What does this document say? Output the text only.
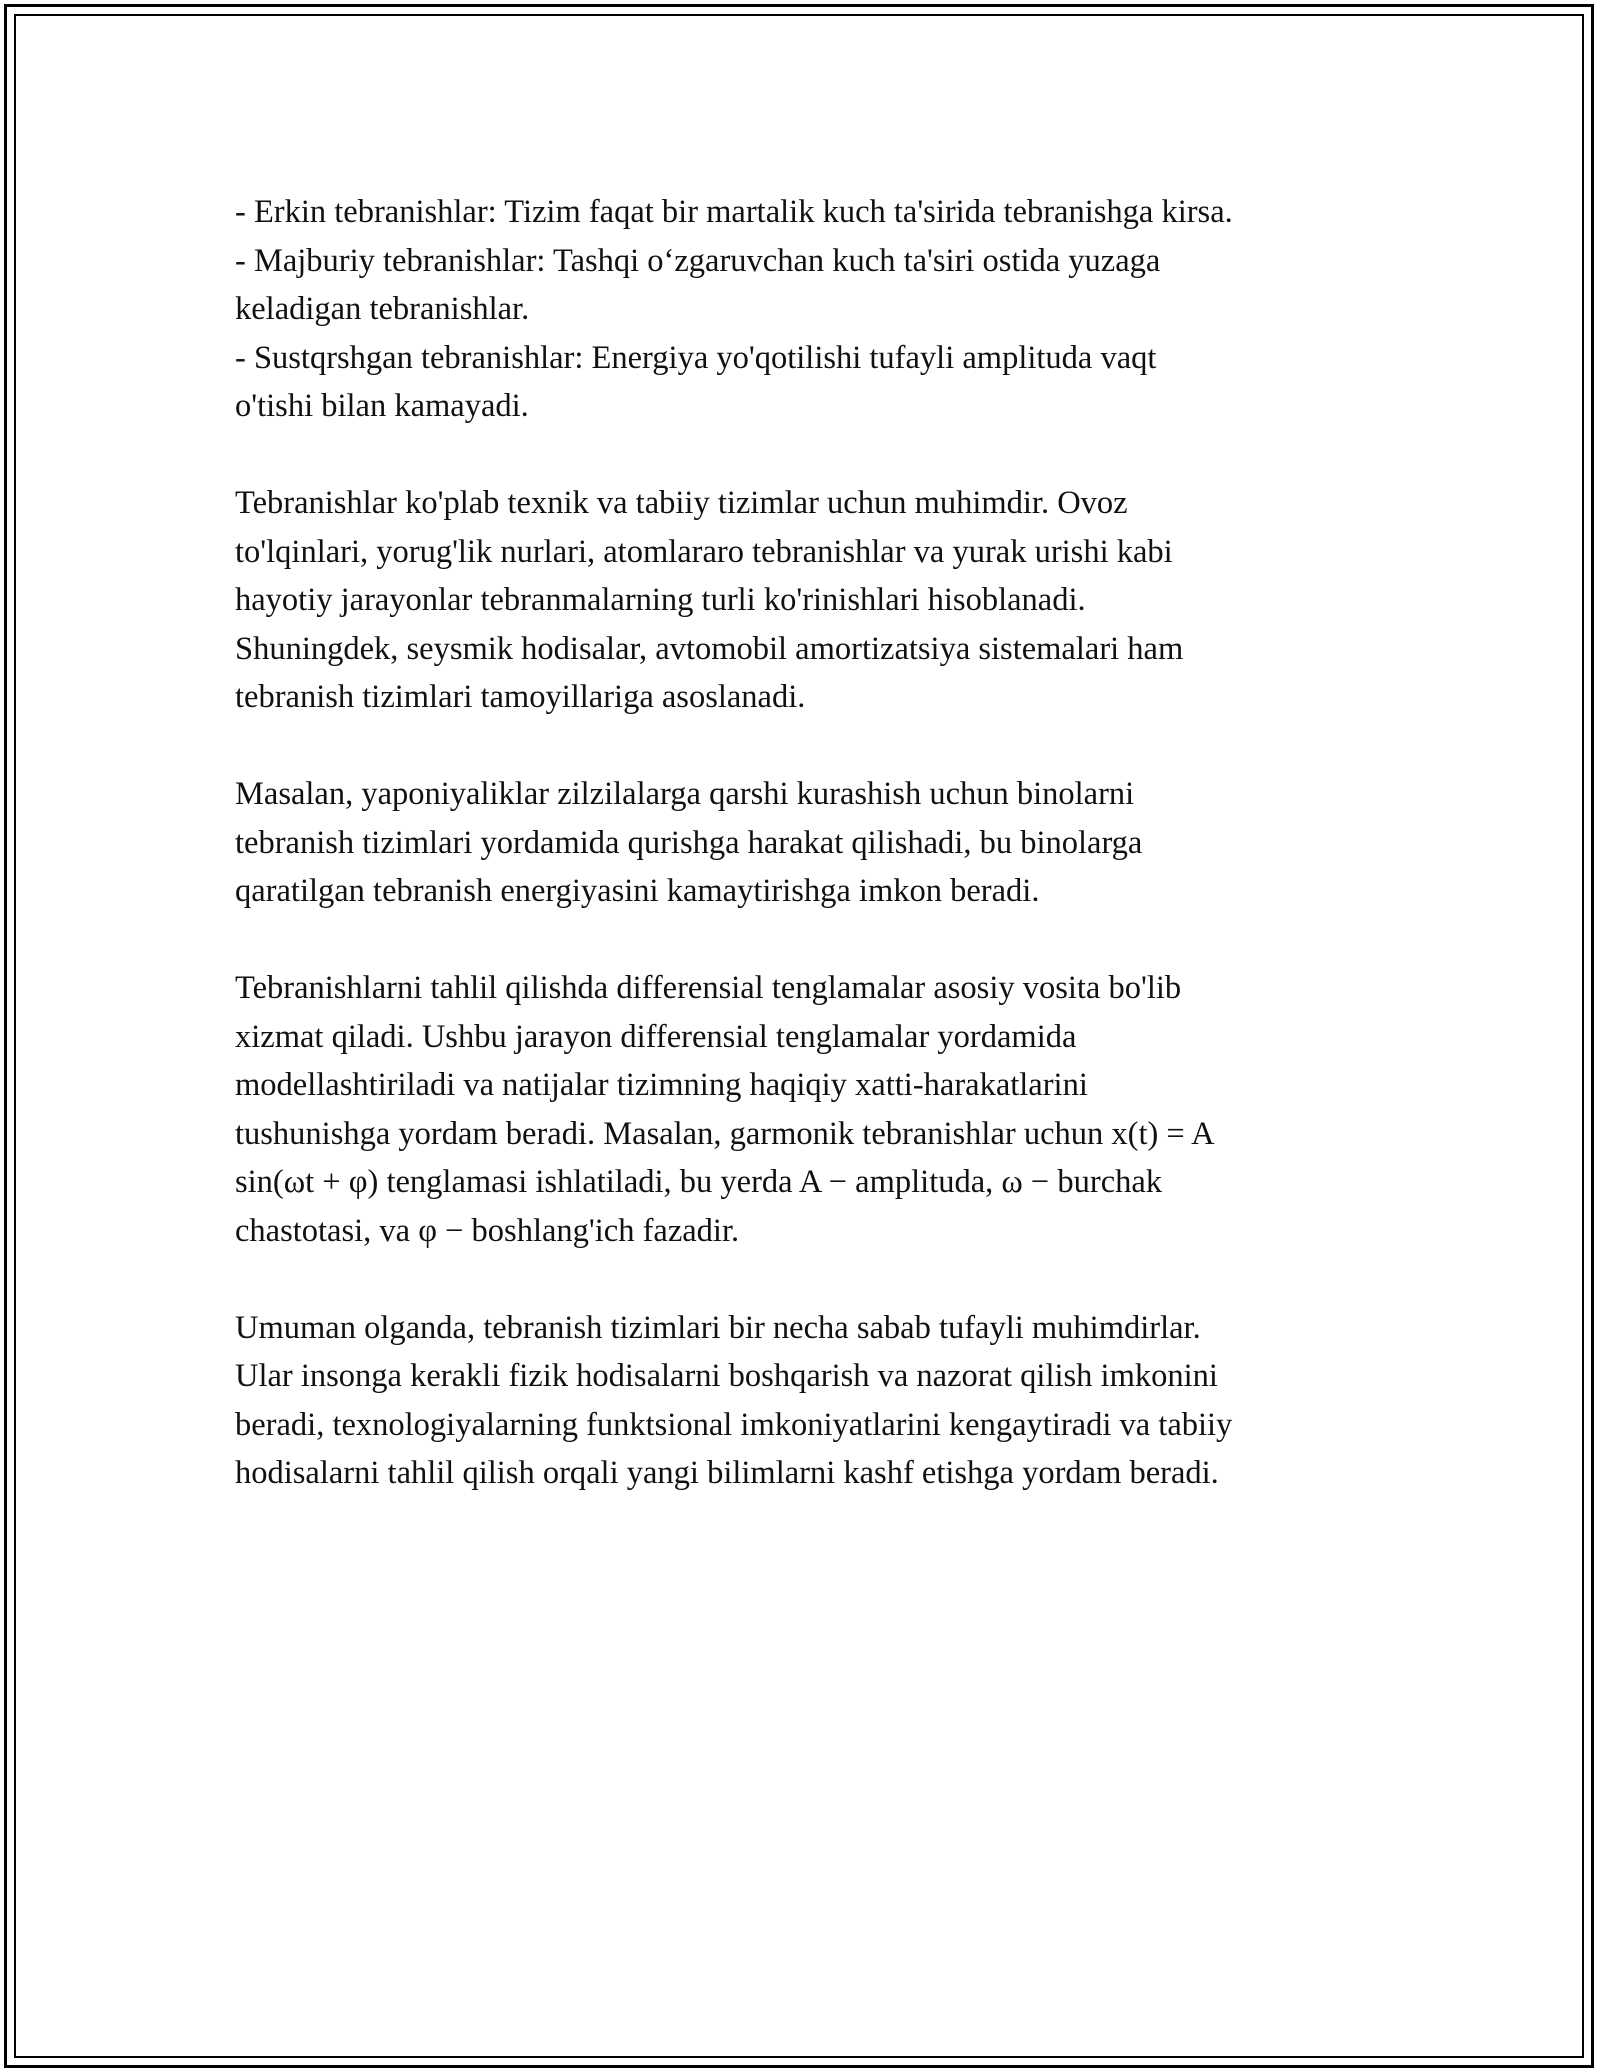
- Erkin tebranishlar: Tizim faqat bir martalik kuch ta'sirida tebranishga kirsa.
- Majburiy tebranishlar: Tashqi o‘zgaruvchan kuch ta'siri ostida yuzaga
keladigan tebranishlar.
- Sustqrshgan tebranishlar: Energiya yo'qotilishi tufayli amplituda vaqt
o'tishi bilan kamayadi.
Tebranishlar ko'plab texnik va tabiiy tizimlar uchun muhimdir. Ovoz
to'lqinlari, yorug'lik nurlari, atomlararo tebranishlar va yurak urishi kabi
hayotiy jarayonlar tebranmalarning turli ko'rinishlari hisoblanadi.
Shuningdek, seysmik hodisalar, avtomobil amortizatsiya sistemalari ham
tebranish tizimlari tamoyillariga asoslanadi.
Masalan, yaponiyaliklar zilzilalarga qarshi kurashish uchun binolarni
tebranish tizimlari yordamida qurishga harakat qilishadi, bu binolarga
qaratilgan tebranish energiyasini kamaytirishga imkon beradi.
Tebranishlarni tahlil qilishda differensial tenglamalar asosiy vosita bo'lib
xizmat qiladi. Ushbu jarayon differensial tenglamalar yordamida
modellashtiriladi va natijalar tizimning haqiqiy xatti-harakatlarini
tushunishga yordam beradi. Masalan, garmonik tebranishlar uchun x(t) = A
sin(ωt + φ) tenglamasi ishlatiladi, bu yerda A − amplituda, ω − burchak
chastotasi, va φ − boshlang'ich fazadir.
Umuman olganda, tebranish tizimlari bir necha sabab tufayli muhimdirlar.
Ular insonga kerakli fizik hodisalarni boshqarish va nazorat qilish imkonini
beradi, texnologiyalarning funktsional imkoniyatlarini kengaytiradi va tabiiy
hodisalarni tahlil qilish orqali yangi bilimlarni kashf etishga yordam beradi.
